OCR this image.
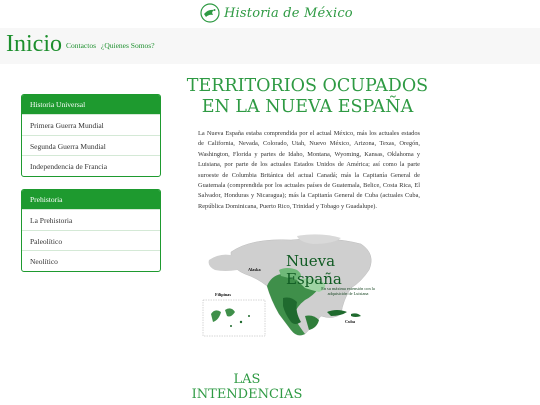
Historia de México
Inicio Contactos ¿Quienes Somos?
Historia Universal
Primera Guerra Mundial
Segunda Guerra Mundial
Independencia de Francia
Prehistoria
La Prehistoria
Paleolítico
Neolítico
TERRITORIOS OCUPADOS
EN LA NUEVA ESPAÑA

La Nueva España estaba comprendida por el actual México, más los actuales estados de California, Nevada, Colorado, Utah, Nuevo México, Arizona, Texas, Oregón, Washington, Florida y partes de Idaho, Montana, Wyoming, Kansas, Oklahoma y Luisiana, por parte de los actuales Estados Unidos de América; así como la parte suroeste de Columbia Británica del actual Canadá; más la Capitanía General de Guatemala (comprendida por los actuales países de Guatemala, Belice, Costa Rica, El Salvador, Honduras y Nicaragua); más la Capitanía General de Cuba (actuales Cuba, República Dominicana, Puerto Rico, Trinidad y Tobago y Guadalupe).

Nueva España
En su máxima extensión con la adquisición de Luisiana
Alaska
Filipinas
Cuba
LAS INTENDENCIAS
